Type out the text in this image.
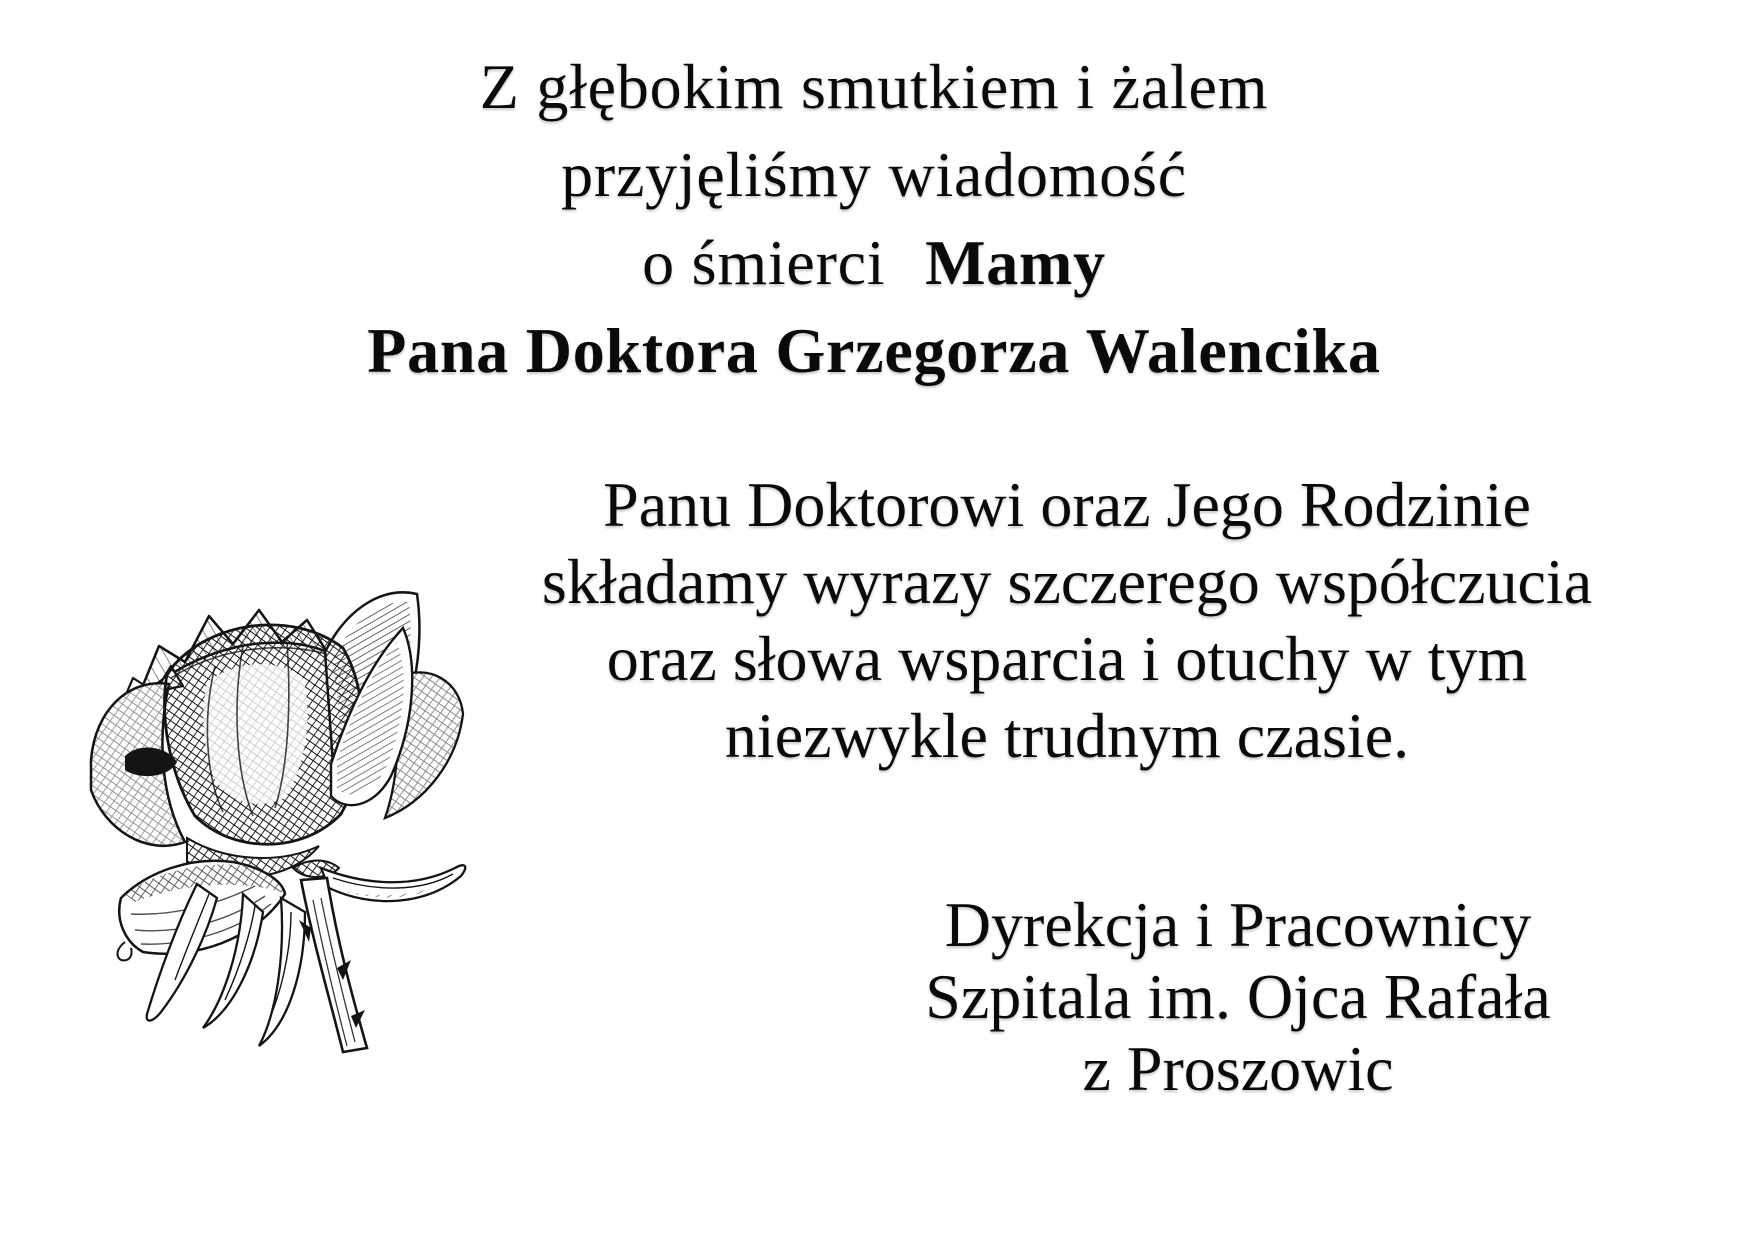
Z głębokim smutkiem i żalem
przyjęliśmy wiadomość
o śmierci Mamy
Pana Doktora Grzegorza Walencika
Panu Doktorowi oraz Jego Rodzinie
składamy wyrazy szczerego współczucia
oraz słowa wsparcia i otuchy w tym
niezwykle trudnym czasie.
Dyrekcja i Pracownicy
Szpitala im. Ojca Rafała
z Proszowic
